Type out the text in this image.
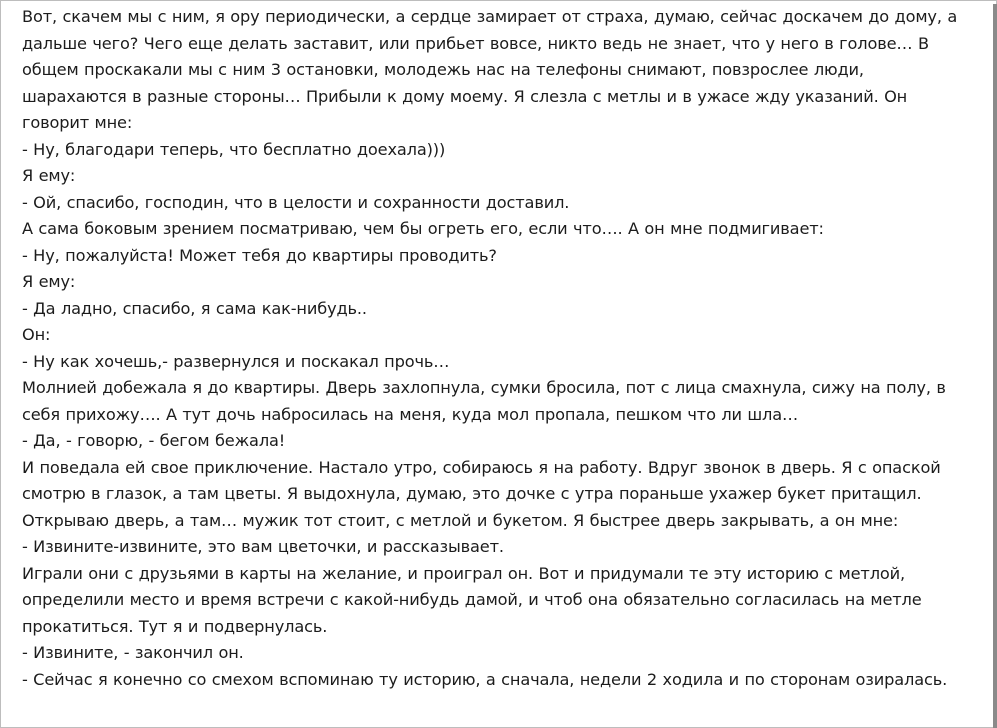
Вот, скачем мы с ним, я ору периодически, а сердце замирает от страха, думаю, сейчас доскачем до дому, а
дальше чего? Чего еще делать заставит, или прибьет вовсе, никто ведь не знает, что у него в голове… В
общем проскакали мы с ним 3 остановки, молодежь нас на телефоны снимают, повзрослее люди,
шарахаются в разные стороны… Прибыли к дому моему. Я слезла с метлы и в ужасе жду указаний. Он
говорит мне:
- Ну, благодари теперь, что бесплатно доехала)))
Я ему:
- Ой, спасибо, господин, что в целости и сохранности доставил.
А сама боковым зрением посматриваю, чем бы огреть его, если что…. А он мне подмигивает:
- Ну, пожалуйста! Может тебя до квартиры проводить?
Я ему:
- Да ладно, спасибо, я сама как-нибудь..
Он:
- Ну как хочешь,- развернулся и поскакал прочь…
Молнией добежала я до квартиры. Дверь захлопнула, сумки бросила, пот с лица смахнула, сижу на полу, в
себя прихожу…. А тут дочь набросилась на меня, куда мол пропала, пешком что ли шла…
- Да, - говорю, - бегом бежала!
И поведала ей свое приключение. Настало утро, собираюсь я на работу. Вдруг звонок в дверь. Я с опаской
смотрю в глазок, а там цветы. Я выдохнула, думаю, это дочке с утра пораньше ухажер букет притащил.
Открываю дверь, а там… мужик тот стоит, с метлой и букетом. Я быстрее дверь закрывать, а он мне:
- Извините-извините, это вам цветочки, и рассказывает.
Играли они с друзьями в карты на желание, и проиграл он. Вот и придумали те эту историю с метлой,
определили место и время встречи с какой-нибудь дамой, и чтоб она обязательно согласилась на метле
прокатиться. Тут я и подвернулась.
- Извините, - закончил он.
- Сейчас я конечно со смехом вспоминаю ту историю, а сначала, недели 2 ходила и по сторонам озиралась.
